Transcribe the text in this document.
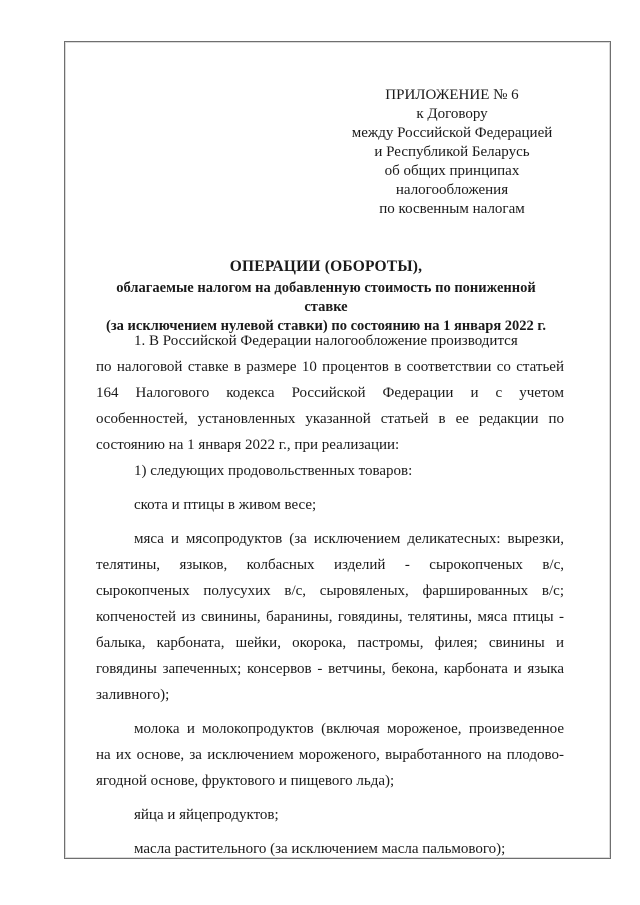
ПРИЛОЖЕНИЕ № 6
к Договору
между Российской Федерацией
и Республикой Беларусь
об общих принципах
налогообложения
по косвенным налогам
ОПЕРАЦИИ (ОБОРОТЫ),
облагаемые налогом на добавленную стоимость по пониженной ставке
(за исключением нулевой ставки) по состоянию на 1 января 2022 г.

1. В Российской Федерации налогообложение производится

по налоговой ставке в размере 10 процентов в соответствии со статьей 164 Налогового кодекса Российской Федерации и с учетом особенностей, установленных указанной статьей в ее редакции по состоянию на 1 января 2022 г., при реализации:

1) следующих продовольственных товаров:

скота и птицы в живом весе;

мяса и мясопродуктов (за исключением деликатесных: вырезки, телятины, языков, колбасных изделий - сырокопченых в/с, сырокопченых полусухих в/с, сыровяленых, фаршированных в/с; копченостей из свинины, баранины, говядины, телятины, мяса птицы - балыка, карбоната, шейки, окорока, пастромы, филея; свинины и говядины запеченных; консервов - ветчины, бекона, карбоната и языка заливного);

молока и молокопродуктов (включая мороженое, произведенное на их основе, за исключением мороженого, выработанного на плодово-ягодной основе, фруктового и пищевого льда);

яйца и яйцепродуктов;

масла растительного (за исключением масла пальмового);
